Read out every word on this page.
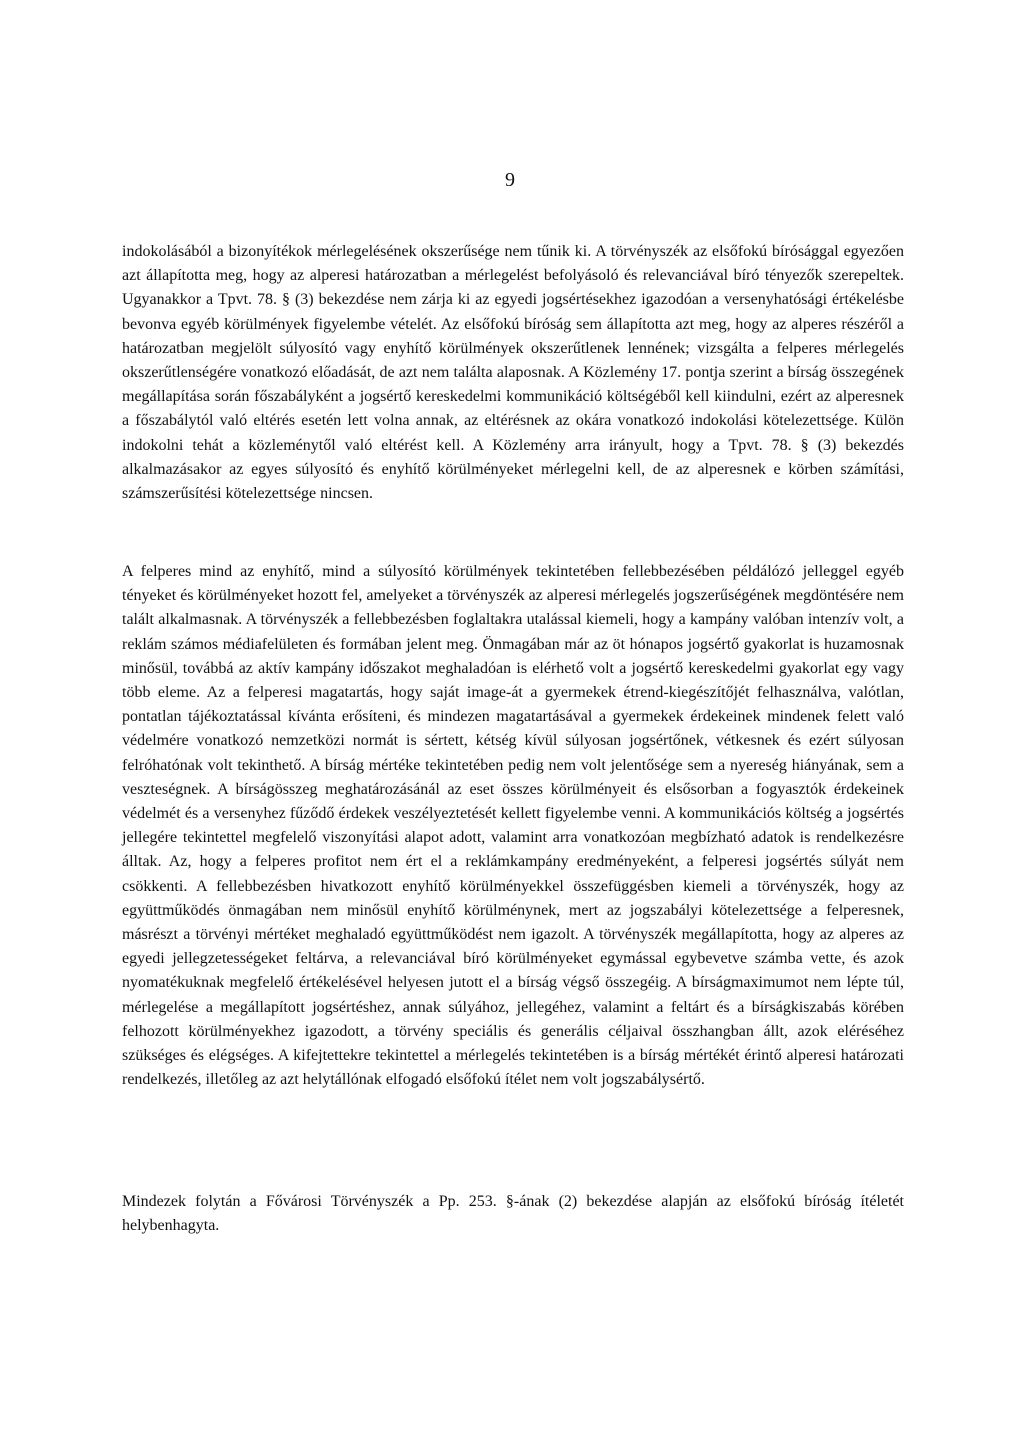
9

indokolásából a bizonyítékok mérlegelésének okszerűsége nem tűnik ki. A törvényszék az elsőfokú bírósággal egyezően azt állapította meg, hogy az alperesi határozatban a mérlegelést befolyásoló és relevanciával bíró tényezők szerepeltek. Ugyanakkor a Tpvt. 78. § (3) bekezdése nem zárja ki az egyedi jogsértésekhez igazodóan a versenyhatósági értékelésbe bevonva egyéb körülmények figyelembe vételét. Az elsőfokú bíróság sem állapította azt meg, hogy az alperes részéről a határozatban megjelölt súlyosító vagy enyhítő körülmények okszerűtlenek lennének; vizsgálta a felperes mérlegelés okszerűtlenségére vonatkozó előadását, de azt nem találta alaposnak. A Közlemény 17. pontja szerint a bírság összegének megállapítása során főszabályként a jogsértő kereskedelmi kommunikáció költségéből kell kiindulni, ezért az alperesnek a főszabálytól való eltérés esetén lett volna annak, az eltérésnek az okára vonatkozó indokolási kötelezettsége. Külön indokolni tehát a közleménytől való eltérést kell. A Közlemény arra irányult, hogy a Tpvt. 78. § (3) bekezdés alkalmazásakor az egyes súlyosító és enyhítő körülményeket mérlegelni kell, de az alperesnek e körben számítási, számszerűsítési kötelezettsége nincsen.

A felperes mind az enyhítő, mind a súlyosító körülmények tekintetében fellebbezésében példálózó jelleggel egyéb tényeket és körülményeket hozott fel, amelyeket a törvényszék az alperesi mérlegelés jogszerűségének megdöntésére nem talált alkalmasnak. A törvényszék a fellebbezésben foglaltakra utalással kiemeli, hogy a kampány valóban intenzív volt, a reklám számos médiafelületen és formában jelent meg. Önmagában már az öt hónapos jogsértő gyakorlat is huzamosnak minősül, továbbá az aktív kampány időszakot meghaladóan is elérhető volt a jogsértő kereskedelmi gyakorlat egy vagy több eleme. Az a felperesi magatartás, hogy saját image-át a gyermekek étrend-kiegészítőjét felhasználva, valótlan, pontatlan tájékoztatással kívánta erősíteni, és mindezen magatartásával a gyermekek érdekeinek mindenek felett való védelmére vonatkozó nemzetközi normát is sértett, kétség kívül súlyosan jogsértőnek, vétkesnek és ezért súlyosan felróhatónak volt tekinthető. A bírság mértéke tekintetében pedig nem volt jelentősége sem a nyereség hiányának, sem a veszteségnek. A bírságösszeg meghatározásánál az eset összes körülményeit és elsősorban a fogyasztók érdekeinek védelmét és a versenyhez fűződő érdekek veszélyeztetését kellett figyelembe venni. A kommunikációs költség a jogsértés jellegére tekintettel megfelelő viszonyítási alapot adott, valamint arra vonatkozóan megbízható adatok is rendelkezésre álltak. Az, hogy a felperes profitot nem ért el a reklámkampány eredményeként, a felperesi jogsértés súlyát nem csökkenti. A fellebbezésben hivatkozott enyhítő körülményekkel összefüggésben kiemeli a törvényszék, hogy az együttműködés önmagában nem minősül enyhítő körülménynek, mert az jogszabályi kötelezettsége a felperesnek, másrészt a törvényi mértéket meghaladó együttműködést nem igazolt. A törvényszék megállapította, hogy az alperes az egyedi jellegzetességeket feltárva, a relevanciával bíró körülményeket egymással egybevetve számba vette, és azok nyomatékuknak megfelelő értékelésével helyesen jutott el a bírság végső összegéig. A bírságmaximumot nem lépte túl, mérlegelése a megállapított jogsértéshez, annak súlyához, jellegéhez, valamint a feltárt és a bírságkiszabás körében felhozott körülményekhez igazodott, a törvény speciális és generális céljaival összhangban állt, azok eléréséhez szükséges és elégséges. A kifejtettekre tekintettel a mérlegelés tekintetében is a bírság mértékét érintő alperesi határozati rendelkezés, illetőleg az azt helytállónak elfogadó elsőfokú ítélet nem volt jogszabálysértő.

Mindezek folytán a Fővárosi Törvényszék a Pp. 253. §-ának (2) bekezdése alapján az elsőfokú bíróság ítéletét helybenhagyta.
